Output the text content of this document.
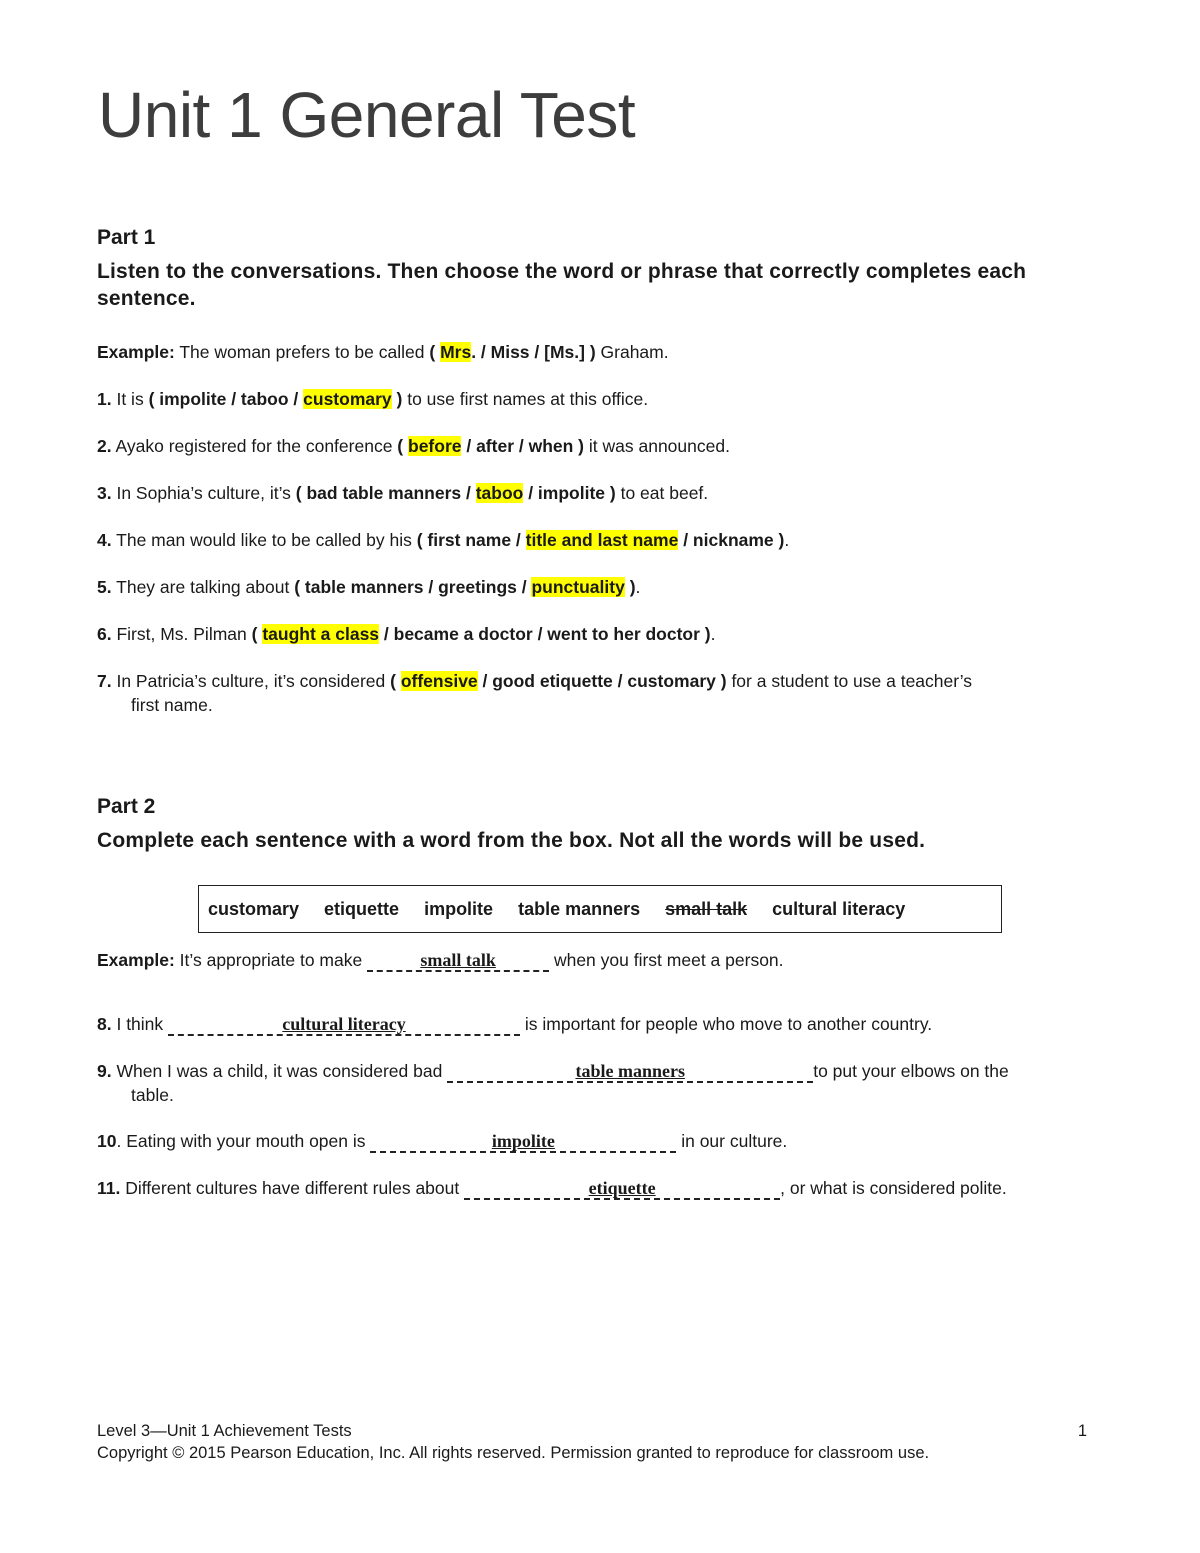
Unit 1 General Test

Part 1

Listen to the conversations. Then choose the word or phrase that correctly completes each sentence.

Example: The woman prefers to be called ( Mrs. / Miss / [Ms.] ) Graham.

1. It is ( impolite / taboo / customary ) to use first names at this office.

2. Ayako registered for the conference ( before / after / when ) it was announced.

3. In Sophia’s culture, it’s ( bad table manners / taboo / impolite ) to eat beef.

4. The man would like to be called by his ( first name / title and last name / nickname ).

5. They are talking about ( table manners / greetings / punctuality ).

6. First, Ms. Pilman ( taught a class / became a doctor / went to her doctor ).

7. In Patricia’s culture, it’s considered ( offensive / good etiquette / customary ) for a student to use a teacher’s
first name.

Part 2

Complete each sentence with a word from the box. Not all the words will be used.

customary etiquette impolite table manners small talk cultural literacy

Example: It’s appropriate to make	small talk	when you first meet a person.

8. I think	cultural literacy	is important for people who move to another country.

9. When I was a child, it was considered bad	table manners	to put your elbows on the
table.

10. Eating with your mouth open is	impolite	in our culture.

11. Different cultures have different rules about	etiquette	, or what is considered polite.

Level 3—Unit 1 Achievement Tests	1

Copyright © 2015 Pearson Education, Inc. All rights reserved. Permission granted to reproduce for classroom use.
